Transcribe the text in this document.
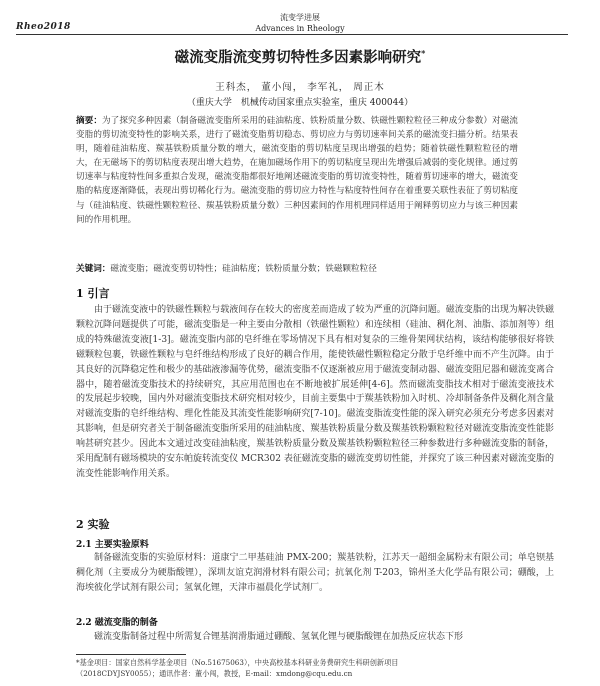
Rheo2018
流变学进展
Advances in Rheology
磁流变脂流变剪切特性多因素影响研究*
王科杰， 董小闯， 李军礼， 周正木
（重庆大学　机械传动国家重点实验室，重庆 400044）
摘要：为了探究多种因素（制备磁流变脂所采用的硅油粘度、铁粉质量分数、铁磁性颗粒粒径三种成分参数）对磁流变脂的剪切流变特性的影响关系，进行了磁流变脂剪切稳态、剪切应力与剪切速率间关系的磁流变扫描分析。结果表明，随着硅油粘度、羰基铁粉质量分数的增大，磁流变脂的剪切粘度呈现出增强的趋势；随着铁磁性颗粒粒径的增大，在无磁场下的剪切粘度表现出增大趋势，在施加磁场作用下的剪切粘度呈现出先增强后减弱的变化规律。通过剪切速率与粘度特性间多重拟合发现，磁流变脂都很好地阐述磁流变脂的剪切流变特性，随着剪切速率的增大，磁流变脂的粘度逐渐降低，表现出剪切稀化行为。磁流变脂的剪切应力特性与粘度特性间存在着重要关联性表征了剪切粘度与（硅油粘度、铁磁性颗粒粒径、羰基铁粉质量分数）三种因素间的作用机理同样适用于阐释剪切应力与该三种因素间的作用机理。
关键词：磁流变脂；磁流变剪切特性；硅油粘度；铁粉质量分数；铁磁颗粒粒径
1 引言
由于磁流变液中的铁磁性颗粒与载液间存在较大的密度差而造成了较为严重的沉降问题。磁流变脂的出现为解决铁磁颗粒沉降问题提供了可能，磁流变脂是一种主要由分散相（铁磁性颗粒）和连续相（硅油、稠化剂、油脂、添加剂等）组成的特殊磁流变液[1-3]。磁流变脂内部的皂纤维在零场情况下具有相对复杂的三维骨架网状结构，该结构能够很好将铁磁颗粒包裹，铁磁性颗粒与皂纤维结构形成了良好的耦合作用，能使铁磁性颗粒稳定分散于皂纤维中而不产生沉降。由于其良好的沉降稳定性和极少的基础液渗漏等优势，磁流变脂不仅逐渐被应用于磁流变制动器、磁流变阻尼器和磁流变离合器中，随着磁流变脂技术的持续研究，其应用范围也在不断地被扩展延伸[4-6]。然而磁流变脂技术相对于磁流变液技术的发展起步较晚，国内外对磁流变脂技术研究相对较少，目前主要集中于羰基铁粉加入时机、冷却制备条件及稠化剂含量对磁流变脂的皂纤维结构、理化性能及其流变性能影响研究[7-10]。磁流变脂流变性能的深入研究必须充分考虑多因素对其影响，但是研究者关于制备磁流变脂所采用的硅油粘度、羰基铁粉质量分数及羰基铁粉颗粒粒径对磁流变脂流变性能影响甚研究甚少。因此本文通过改变硅油粘度，羰基铁粉质量分数及羰基铁粉颗粒粒径三种参数进行多种磁流变脂的制备，采用配制有磁场模块的安东帕旋转流变仪 MCR302 表征磁流变脂的磁流变剪切性能，并探究了该三种因素对磁流变脂的流变性能影响作用关系。
2 实验
2.1 主要实验原料
制备磁流变脂的实验原材料：道康宁二甲基硅油 PMX-200；羰基铁粉，江苏天一超细金属粉末有限公司；单皂钡基稠化剂（主要成分为硬脂酸锂），深圳友谊克润滑材料有限公司；抗氧化剂 T-203，锦州圣大化学品有限公司；硼酸，上海埃彼化学试剂有限公司；氢氧化锂，天津市福晨化学试剂厂。
2.2 磁流变脂的制备
磁流变脂制备过程中所需复合锂基润滑脂通过硼酸、氢氧化锂与硬脂酸锂在加热反应状态下形
*基金项目：国家自然科学基金项目（No.51675063），中央高校基本科研业务费研究生科研创新项目
（2018CDYJSY0055）；通讯作者：董小闯，教授，E-mail：xmdong@cqu.edu.cn
